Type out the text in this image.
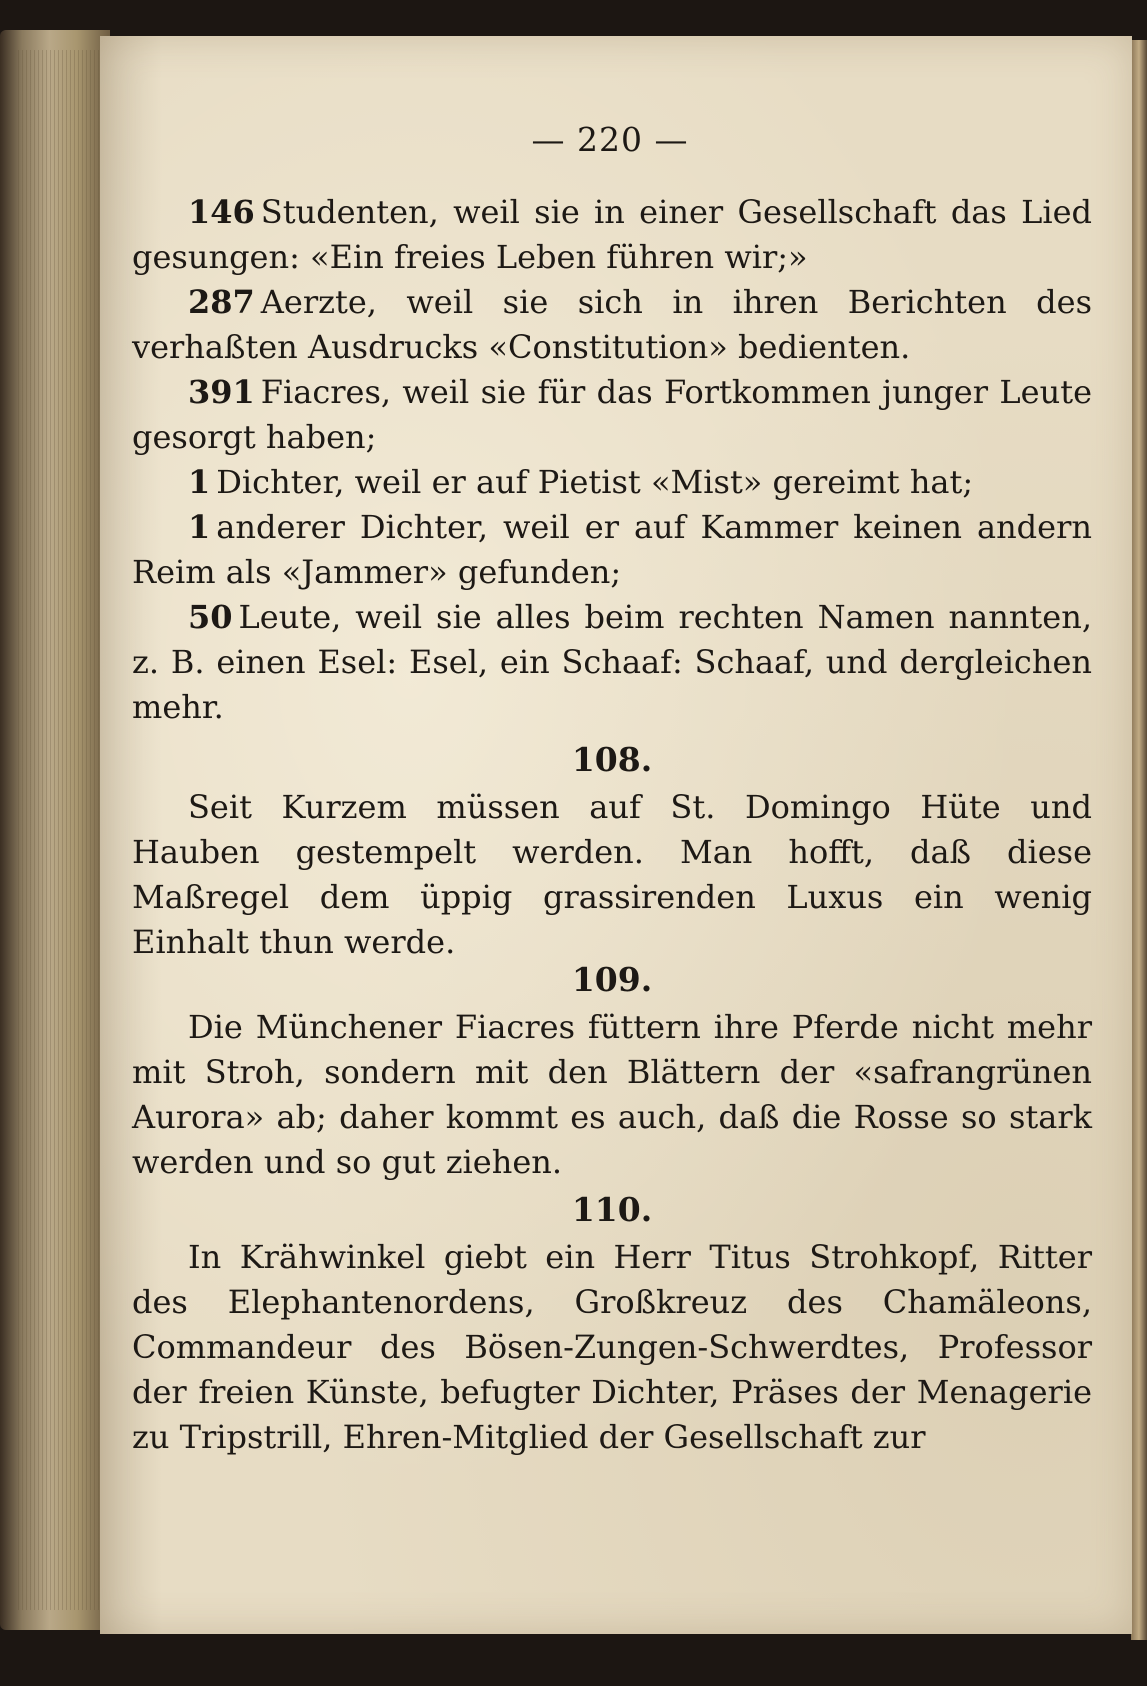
— 220 —

146 Studenten, weil sie in einer Gesellschaft das Lied gesungen: «Ein freies Leben führen wir;»

287 Aerzte, weil sie sich in ihren Berichten des verhaßten Ausdrucks «Constitution» bedienten.

391 Fiacres, weil sie für das Fortkommen junger Leute gesorgt haben;

1 Dichter, weil er auf Pietist «Mist» gereimt hat;

1 anderer Dichter, weil er auf Kammer keinen andern Reim als «Jammer» gefunden;

50 Leute, weil sie alles beim rechten Namen nannten, z. B. einen Esel: Esel, ein Schaaf: Schaaf, und dergleichen mehr.

108.

Seit Kurzem müssen auf St. Domingo Hüte und Hauben gestempelt werden. Man hofft, daß diese Maßregel dem üppig grassirenden Luxus ein wenig Einhalt thun werde.

109.

Die Münchener Fiacres füttern ihre Pferde nicht mehr mit Stroh, sondern mit den Blättern der «safrangrünen Aurora» ab; daher kommt es auch, daß die Rosse so stark werden und so gut ziehen.

110.

In Krähwinkel giebt ein Herr Titus Strohkopf, Ritter des Elephantenordens, Großkreuz des Chamäleons, Commandeur des Bösen-Zungen-Schwerdtes, Professor der freien Künste, befugter Dichter, Präses der Menagerie zu Tripstrill, Ehren-Mitglied der Gesellschaft zur
